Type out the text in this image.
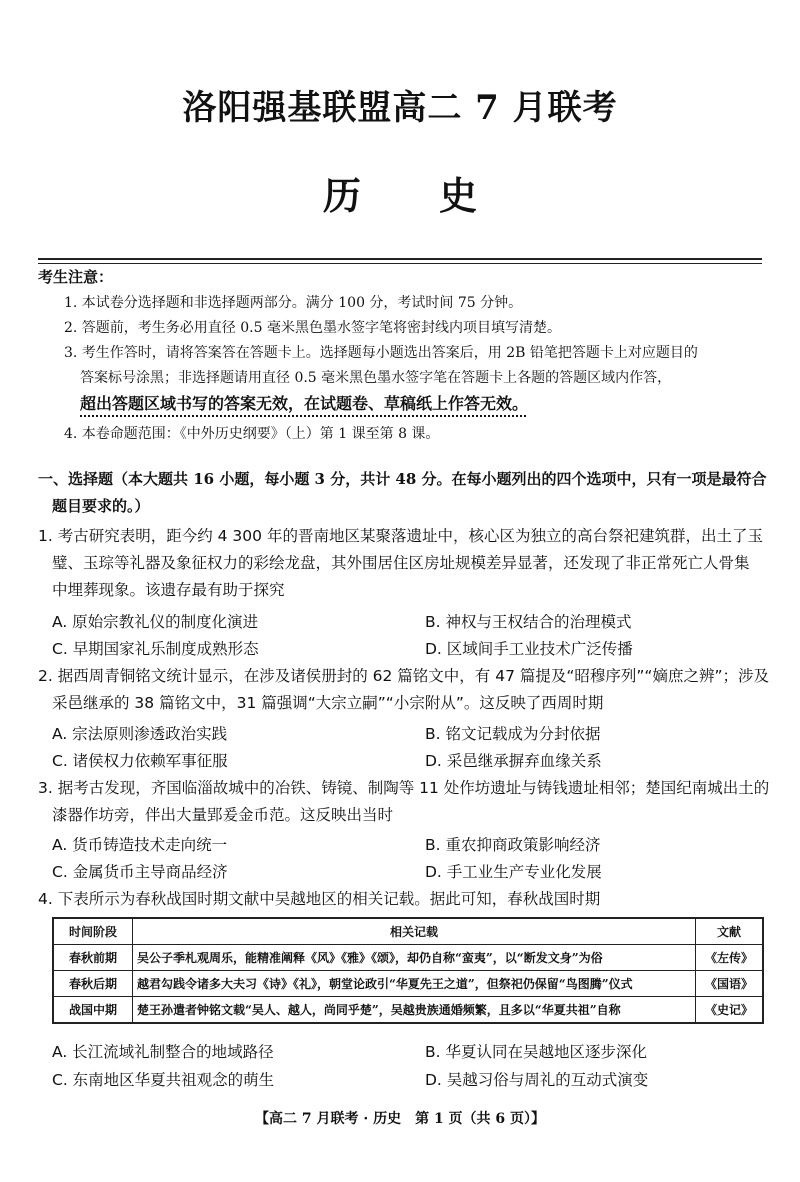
洛阳强基联盟高二 7 月联考
历史
考生注意：
1. 本试卷分选择题和非选择题两部分。满分 100 分，考试时间 75 分钟。
2. 答题前，考生务必用直径 0.5 毫米黑色墨水签字笔将密封线内项目填写清楚。
3. 考生作答时，请将答案答在答题卡上。选择题每小题选出答案后，用 2B 铅笔把答题卡上对应题目的
答案标号涂黑；非选择题请用直径 0.5 毫米黑色墨水签字笔在答题卡上各题的答题区域内作答，
超出答题区域书写的答案无效，在试题卷、草稿纸上作答无效。
4. 本卷命题范围：《中外历史纲要》（上）第 1 课至第 8 课。
一、选择题（本大题共 16 小题，每小题 3 分，共计 48 分。在每小题列出的四个选项中，只有一项是最符合
题目要求的。）
1. 考古研究表明，距今约 4 300 年的晋南地区某聚落遗址中，核心区为独立的高台祭祀建筑群，出土了玉
璧、玉琮等礼器及象征权力的彩绘龙盘，其外围居住区房址规模差异显著，还发现了非正常死亡人骨集
中埋葬现象。该遗存最有助于探究
A. 原始宗教礼仪的制度化演进	B. 神权与王权结合的治理模式
C. 早期国家礼乐制度成熟形态	D. 区域间手工业技术广泛传播
2. 据西周青铜铭文统计显示，在涉及诸侯册封的 62 篇铭文中，有 47 篇提及“昭穆序列”“嫡庶之辨”；涉及
采邑继承的 38 篇铭文中，31 篇强调“大宗立嗣”“小宗附从”。这反映了西周时期
A. 宗法原则渗透政治实践	B. 铭文记载成为分封依据
C. 诸侯权力依赖军事征服	D. 采邑继承摒弃血缘关系
3. 据考古发现，齐国临淄故城中的冶铁、铸镜、制陶等 11 处作坊遗址与铸钱遗址相邻；楚国纪南城出土的
漆器作坊旁，伴出大量郢爰金币范。这反映出当时
A. 货币铸造技术走向统一	B. 重农抑商政策影响经济
C. 金属货币主导商品经济	D. 手工业生产专业化发展
4. 下表所示为春秋战国时期文献中吴越地区的相关记载。据此可知，春秋战国时期
时间阶段	相关记载	文献
春秋前期	吴公子季札观周乐，能精准阐释《风》《雅》《颂》，却仍自称“蛮夷”，以“断发文身”为俗	《左传》
春秋后期	越君勾践令诸多大夫习《诗》《礼》，朝堂论政引“华夏先王之道”，但祭祀仍保留“鸟图腾”仪式	《国语》
战国中期	楚王孙遣者钟铭文载“吴人、越人，尚同乎楚”，吴越贵族通婚频繁，且多以“华夏共祖”自称	《史记》
A. 长江流域礼制整合的地域路径	B. 华夏认同在吴越地区逐步深化
C. 东南地区华夏共祖观念的萌生	D. 吴越习俗与周礼的互动式演变
【高二 7 月联考 · 历史　第 1 页（共 6 页）】
